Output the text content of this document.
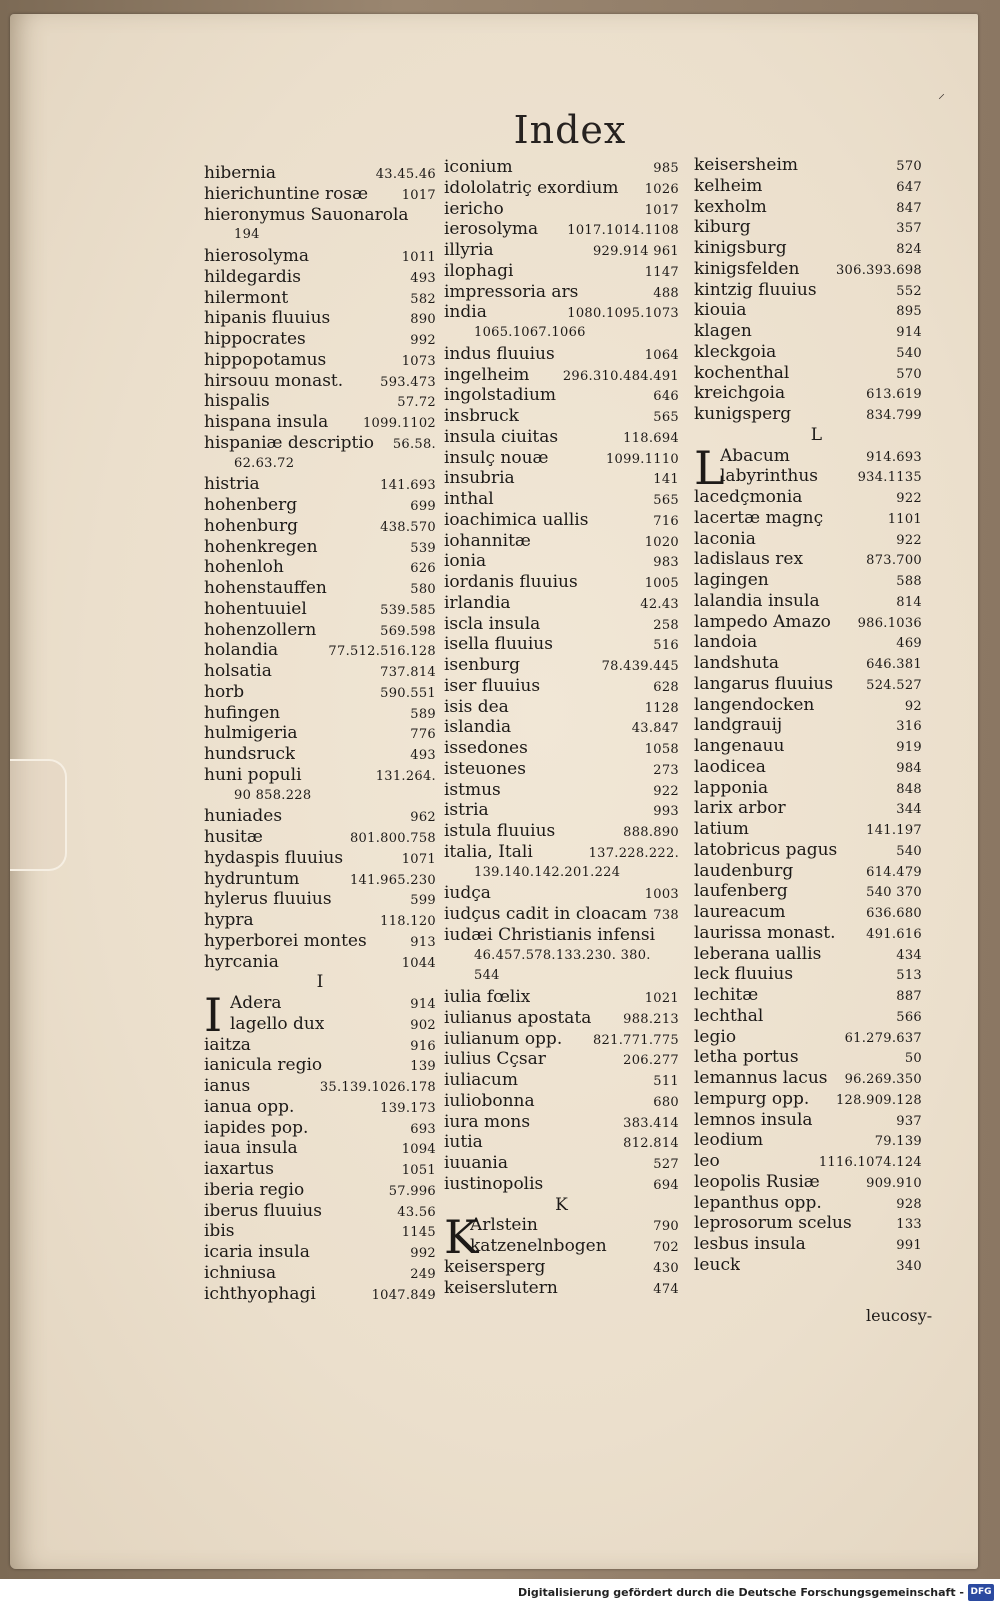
Index
hibernia	43.45.46
hierichuntine rosæ	1017
hieronymus Sauonarola
194
hierosolyma	1011
hildegardis	493
hilermont	582
hipanis fluuius	890
hippocrates	992
hippopotamus	1073
hirsouu monast.	593.473
hispalis	57.72
hispana insula	1099.1102
hispaniæ descriptio 56.58.
62.63.72
histria	141.693
hohenberg	699
hohenburg	438.570
hohenkregen	539
hohenloh	626
hohenstauffen	580
hohentuuiel	539.585
hohenzollern	569.598
holandia	77.512.516.128
holsatia	737.814
horb	590.551
hufingen	589
hulmigeria	776
hundsruck	493
huni populi	131.264.
90 858.228
huniades	962
husitæ	801.800.758
hydaspis fluuius	1071
hydruntum	141.965.230
hylerus fluuius	599
hypra	118.120
hyperborei montes	913
hyrcania	1044
I
I Adera	914
lagello dux	902
iaitza	916
ianicula regio	139
ianus	35.139.1026.178
ianua opp.	139.173
iapides pop.	693
iaua insula	1094
iaxartus	1051
iberia regio	57.996
iberus fluuius	43.56
ibis	1145
icaria insula	992
ichniusa	249
ichthyophagi	1047.849
iconium	985
idololatriç exordium 1026
iericho	1017
ierosolyma 1017.1014.1108
illyria	929.914 961
ilophagi	1147
impressoria ars	488
india	1080.1095.1073
1065.1067.1066
indus fluuius	1064
ingelheim	296.310.484.491
ingolstadium	646
insbruck	565
insula ciuitas	118.694
insulç nouæ	1099.1110
insubria	141
inthal	565
ioachimica uallis	716
iohannitæ	1020
ionia	983
iordanis fluuius	1005
irlandia	42.43
iscla insula	258
isella fluuius	516
isenburg	78.439.445
iser fluuius	628
isis dea	1128
islandia	43.847
issedones	1058
isteuones	273
istmus	922
istria	993
istula fluuius	888.890
italia, Itali	137.228.222.
139.140.142.201.224
iudça	1003
iudçus cadit in cloacam 738
iudæi Christianis infensi
46.457.578.133.230. 380.
544
iulia fœlix	1021
iulianus apostata 988.213
iulianum opp. 821.771.775
iulius Cçsar	206.277
iuliacum	511
iuliobonna	680
iura mons	383.414
iutia	812.814
iuuania	527
iustinopolis	694
K
K
Arlstein	790
katzenelnbogen	702
keisersperg	430
keiserslutern	474
keisersheim	570
kelheim	647
kexholm	847
kiburg	357
kinigsburg	824
kinigsfelden	306.393.698
kintzig fluuius	552
kiouia	895
klagen	914
kleckgoia	540
kochenthal	570
kreichgoia	613.619
kunigsperg	834.799
L
L
Abacum	914.693
labyrinthus	934.1135
lacedçmonia	922
lacertæ magnç	1101
laconia	922
ladislaus rex	873.700
lagingen	588
lalandia insula	814
lampedo Amazo 986.1036
landoia	469
landshuta	646.381
langarus fluuius	524.527
langendocken	92
landgrauij	316
langenauu	919
laodicea	984
lapponia	848
larix arbor	344
latium	141.197
latobricus pagus	540
laudenburg	614.479
laufenberg	540 370
laureacum	636.680
laurissa monast. 491.616
leberana uallis	434
leck fluuius	513
lechitæ	887
lechthal	566
legio	61.279.637
letha portus	50
lemannus lacus 96.269.350
lempurg opp. 128.909.128
lemnos insula	937
leodium	79.139
leo	1116.1074.124
leopolis Rusiæ	909.910
lepanthus opp.	928
leprosorum scelus	133
lesbus insula	991
leuck	340
leucosy-
⸝
Digitalisierung gefördert durch die Deutsche Forschungsgemeinschaft - DFG
